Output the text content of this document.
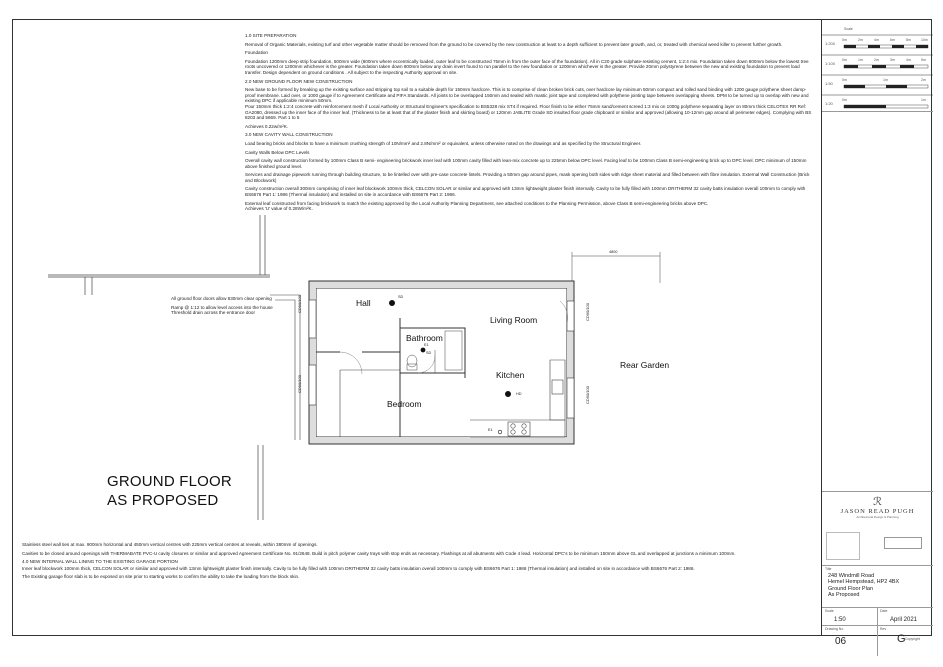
1.0 SITE PREPARATION

Removal of Organic Materials, existing turf and other vegetable matter should be removed from the ground to be covered by the new construction at least to a depth sufficient to prevent later growth, and, or, treated with chemical weed killer to prevent further growth.

Foundation

Foundation 1200mm deep strip foundation, 500mm wide (600mm where eccentrically loaded, outer leaf to be constructed 75mm in from the outer face of the foundation). All in C20 grade sulphate-resisting cement, 1:2:4 mix. Foundation taken down 600mm below the lowest tree roots uncovered or 1200mm whichever is the greater. Foundation taken down 800mm below any drain invert found to run parallel to the new foundation or 1200mm whichever is the greater. Provide 20mm polystyrene between the new and existing foundation to prevent load transfer. Design dependent on ground conditions . All subject to the inspecting Authority approval on site.

2.0 NEW GROUND FLOOR NEW CONSTRUCTION

New base to be formed by breaking up the existing surface and stripping top soil to a suitable depth for 150mm hardcore. This is to comprise of clean broken brick cuts, over hardcore lay minimum 50mm compact and rolled sand binding with 1200 gauge polythene sheet damp-proof membrane. Laid over, or 1000 gauge if to Agreement Certificate and PIFA Standards. All joints to be overlapped 150mm and sealed with mastic joint tape and completed with polythene jointing tape between overlapping sheets. DPM to be turned up to overlap with new and existing DPC if applicable minimum 50mm.

Pour 150mm thick 1:2:4 concrete with reinforcement mesh if Local Authority or Structural Engineer's specification to BS5328 mix ST4 if required. Floor finish to be either 75mm sand/cement screed 1:3 mix on 1000g polythene separating layer on 80mm thick CELOTEX RR Ref: GA2080, dressed up the inner face of the inner leaf. (Thickness to be at least that of the plaster finish and skirting board) or 120mm JABLITE Grade SD insulted floor grade chipboard or similar and approved (allowing 10-12mm gap around all perimeter edges). Complying with BS 8203 and 5669. Part 1 to 5

Achieves 0.22w/m²K.

3.0 NEW CAVITY WALL CONSTRUCTION

Load bearing bricks and blocks to have a minimum crushing strength of 10N/mm² and 2.8N/mm² or equivalent, unless otherwise noted on the drawings and as specified by the Structural Engineer.

Cavity Walls Below DPC Levels

Overall cavity wall construction formed by 100mm Class B semi- engineering brickwork inner leaf with 100mm cavity filled with lean-mix concrete up to 225mm below DPC level. Facing leaf to be 100mm Class B semi-engineering brick up to DPC level. DPC minimum of 150mm above finished ground level.

Services and drainage pipework running through building structure, to be lintelled over with pre-case concrete lintels. Providing a 50mm gap around pipes, mask opening both sides with ridge sheet material and filled between with fibre insulation. External Wall Construction (Brick and Blockwork)

Cavity construction overall 300mm comprising of inner leaf blockwork 100mm thick, CELCON SOLAR or similar and approved with 13mm lightweight plaster finish internally. Cavity to be fully filled with 100mm DRITHERM 32 cavity batts insulation overall 100mm to comply with BS6676 Part 1: 1986 (Thermal insulation) and installed on site in accordance with BS6676 Part 2: 1986.

External leaf constructed from facing brickwork to match the existing approved by the Local Authority Planning Department, see attached conditions to the Planning Permission, above Class B semi-engineering bricks above DPC.

Achieves 'U' value of 0.28W/m²K.

All ground floor doors allow 830mm clear opening

Ramp @ 1:12 to allow level access into the house Threshold drain across the entrance door

Hall
Living Room
Bathroom
Kitchen
Bedroom
Rear Garden
SD
SD
HD
E1
E1
4800
CD90/100
CD90/100
CD90/100
CD90/100
GROUND FLOOR
AS PROPOSED

Stainless steel wall ties at max. 900mm horizontal and 450mm vertical centres with 225mm vertical centres at reveals, within 380mm of openings.

Cavities to be closed around openings with THERMABATE PVC-U cavity closures or similar and approved Agreement Certificate No. 91/2648. Build in pitch polymer cavity trays with stop ends as necessary. Flashings at all abutments with Code 4 lead. Horizontal DPC's to be minimum 150mm above GL and overlapped at junctions a minimum 100mm.

4.0 NEW INTERNAL WALL LINING TO THE EXISTING GARAGE PORTION

Inner leaf blockwork 100mm thick, CELCON SOLAR or similar and approved with 13mm lightweight plaster finish internally. Cavity to be fully filled with 100mm DRITHERM 32 cavity batts insulation overall 100mm to comply with BS6676 Part 1: 1986 (Thermal insulation) and installed on site in accordance with BS6676 Part 2: 1986.

The Existing garage floor slab is to be exposed on site prior to starting works to confirm the ability to take the loading from the block skin.

Scale
1:200
1:100
1:50
1:20
0m	2m	4m	6m	8m	10m
0m	1m	2m	3m	4m	5m
0m	1m	2m
0m	1m
ℛ
JASON READ PUGH
Architectural Design & Planning
Title
248 Windmill Road
Hemel Hempstead, HP2 4BX
Ground Floor Plan
As Proposed
Scale
1:50
Date
April 2021
Drawing No
06
Rev
G Copyright
